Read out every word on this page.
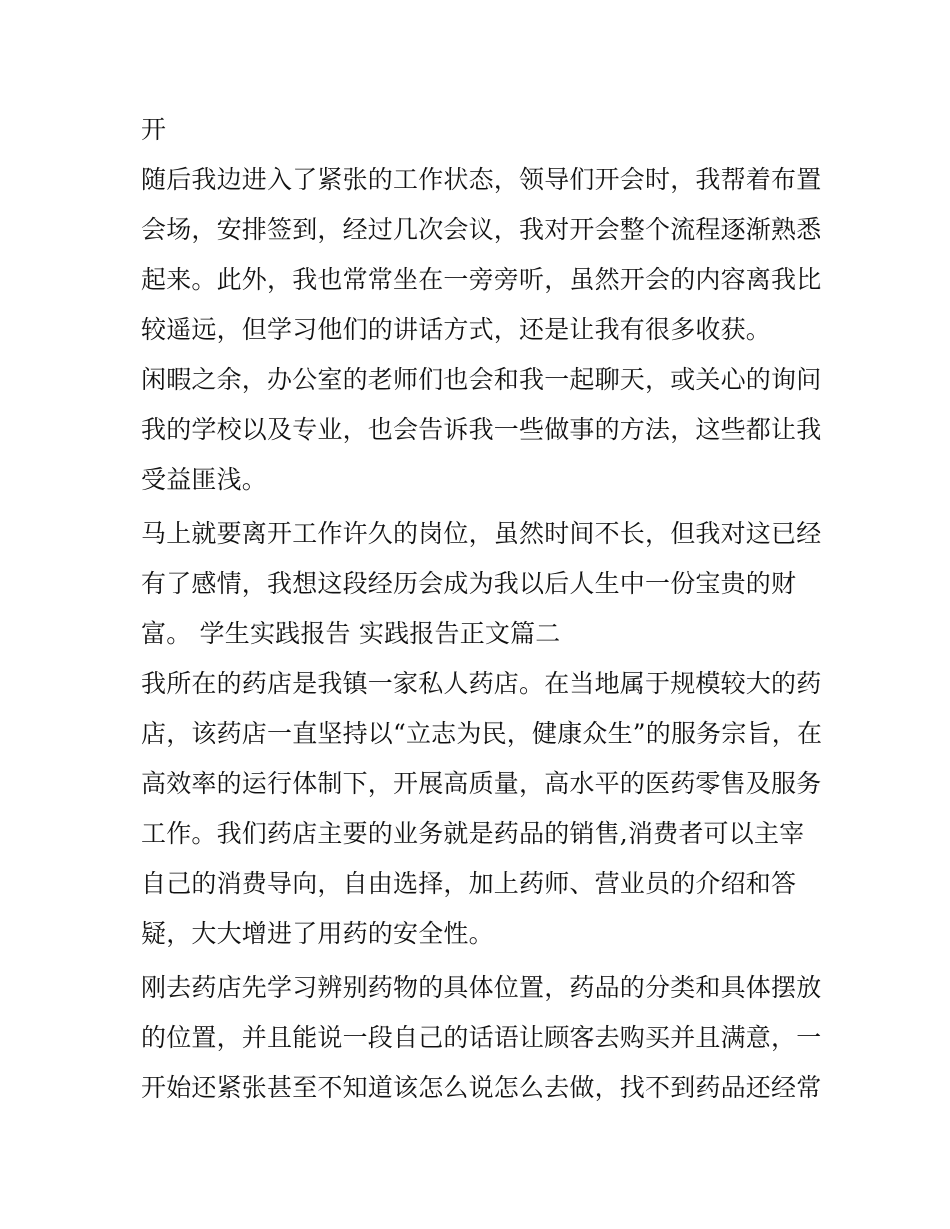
开
随后我边进入了紧张的工作状态，领导们开会时，我帮着布置
会场，安排签到，经过几次会议，我对开会整个流程逐渐熟悉
起来。此外，我也常常坐在一旁旁听，虽然开会的内容离我比
较遥远，但学习他们的讲话方式，还是让我有很多收获。
闲暇之余，办公室的老师们也会和我一起聊天，或关心的询问
我的学校以及专业，也会告诉我一些做事的方法，这些都让我
受益匪浅。
马上就要离开工作许久的岗位，虽然时间不长，但我对这已经
有了感情，我想这段经历会成为我以后人生中一份宝贵的财
富。 学生实践报告 实践报告正文篇二
我所在的药店是我镇一家私人药店。在当地属于规模较大的药
店，该药店一直坚持以“立志为民，健康众生”的服务宗旨，在
高效率的运行体制下，开展高质量，高水平的医药零售及服务
工作。我们药店主要的业务就是药品的销售,消费者可以主宰
自己的消费导向，自由选择，加上药师、营业员的介绍和答
疑，大大增进了用药的安全性。
刚去药店先学习辨别药物的具体位置，药品的分类和具体摆放
的位置，并且能说一段自己的话语让顾客去购买并且满意，一
开始还紧张甚至不知道该怎么说怎么去做，找不到药品还经常
